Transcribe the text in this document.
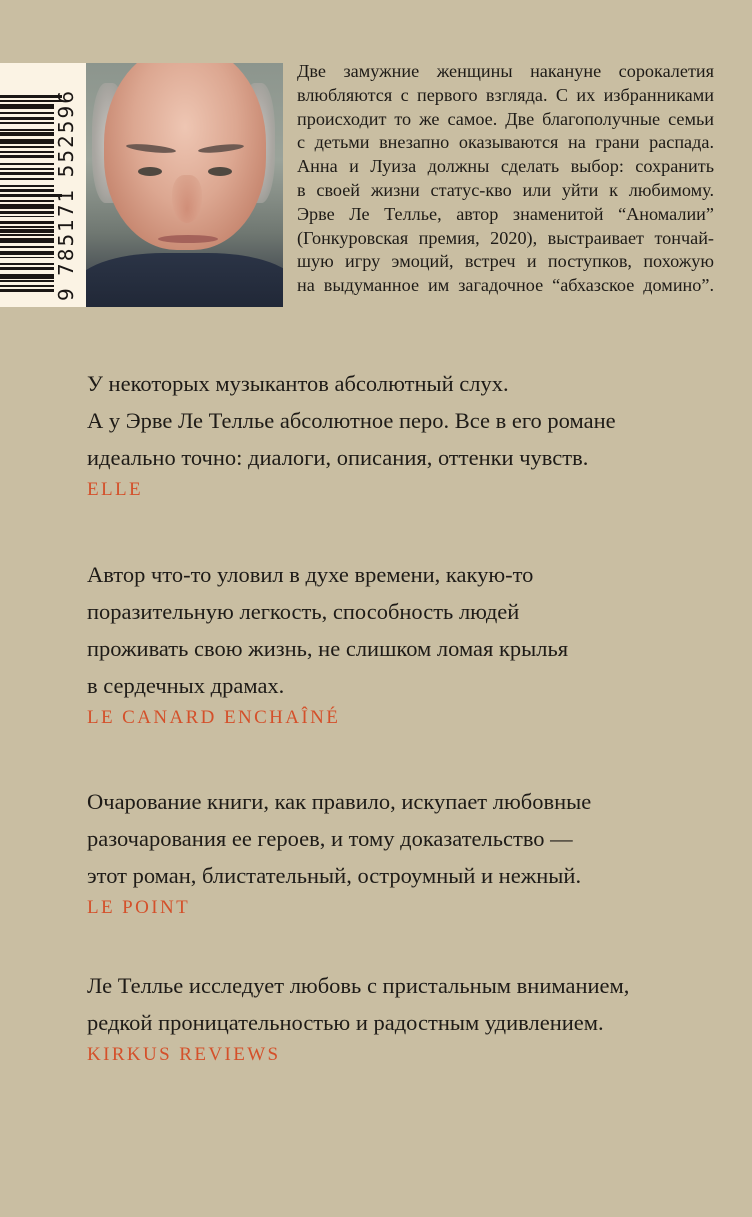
9
785171
552596
Две замужние женщины накануне сорокалетия
влюбляются с первого взгляда. С их избранниками
происходит то же самое. Две благополучные семьи
с детьми внезапно оказываются на грани распада.
Анна и Луиза должны сделать выбор: сохранить
в своей жизни статус-кво или уйти к любимому.
Эрве Ле Теллье, автор знаменитой “Аномалии”
(Гонкуровская премия, 2020), выстраивает тончай-
шую игру эмоций, встреч и поступков, похожую
на выдуманное им загадочное “абхазское домино”.
У некоторых музыкантов абсолютный слух.
А у Эрве Ле Теллье абсолютное перо. Все в его романе
идеально точно: диалоги, описания, оттенки чувств.
ELLE
Автор что-то уловил в духе времени, какую-то
поразительную легкость, способность людей
проживать свою жизнь, не слишком ломая крылья
в сердечных драмах.
LE CANARD ENCHAÎNÉ
Очарование книги, как правило, искупает любовные
разочарования ее героев, и тому доказательство —
этот роман, блистательный, остроумный и нежный.
LE POINT
Ле Теллье исследует любовь с пристальным вниманием,
редкой проницательностью и радостным удивлением.
KIRKUS REVIEWS
